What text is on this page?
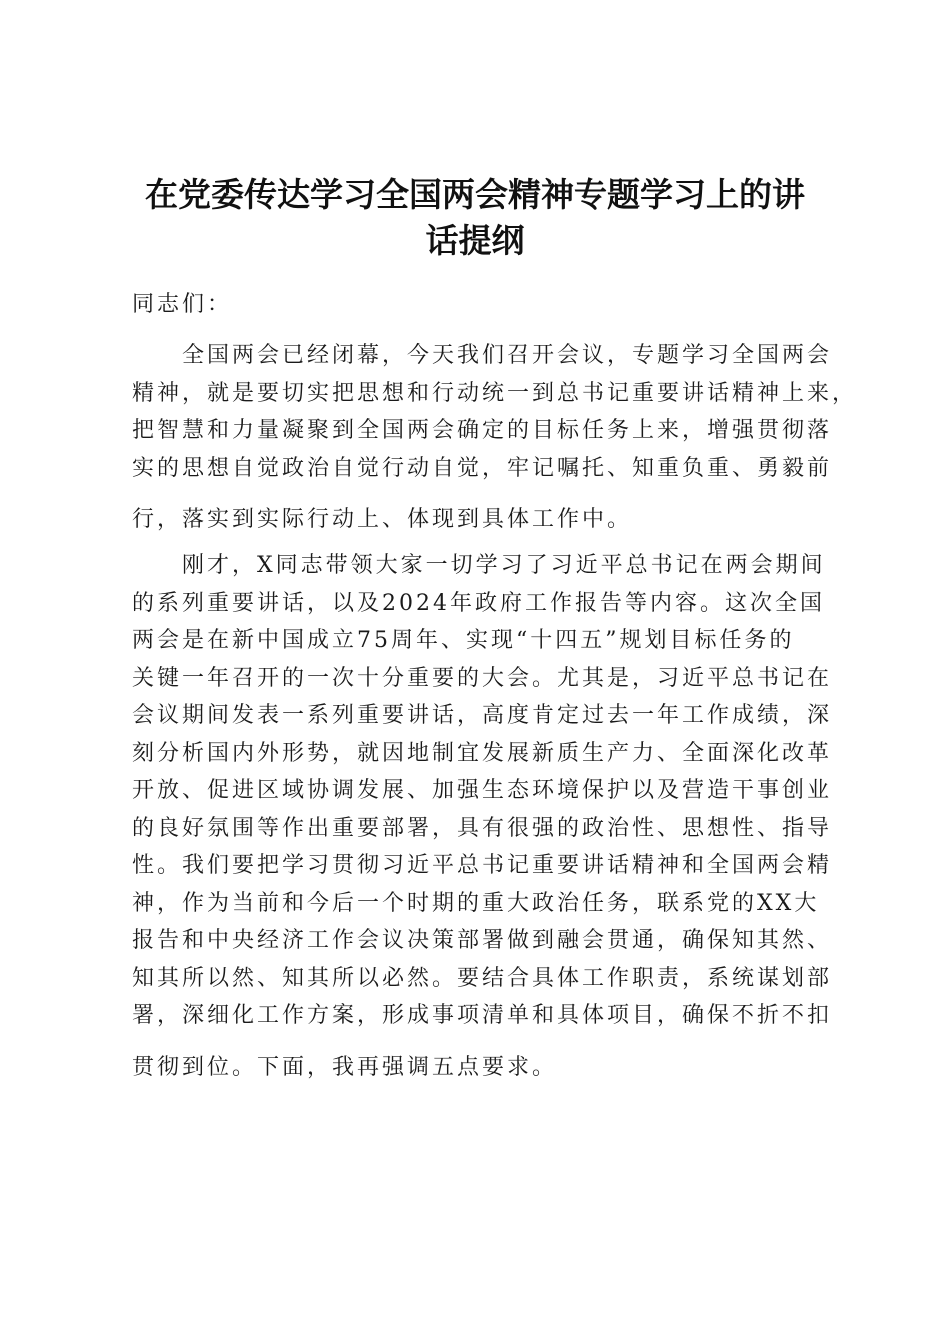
在党委传达学习全国两会精神专题学习上的讲
话提纲

同志们：

全国两会已经闭幕，今天我们召开会议，专题学习全国两会
精神，就是要切实把思想和行动统一到总书记重要讲话精神上来，
把智慧和力量凝聚到全国两会确定的目标任务上来，增强贯彻落
实的思想自觉政治自觉行动自觉，牢记嘱托、知重负重、勇毅前
行，落实到实际行动上、体现到具体工作中。
刚才，X同志带领大家一切学习了习近平总书记在两会期间
的系列重要讲话，以及2024年政府工作报告等内容。这次全国
两会是在新中国成立75周年、实现“十四五”规划目标任务的
关键一年召开的一次十分重要的大会。尤其是，习近平总书记在
会议期间发表一系列重要讲话，高度肯定过去一年工作成绩，深
刻分析国内外形势，就因地制宜发展新质生产力、全面深化改革
开放、促进区域协调发展、加强生态环境保护以及营造干事创业
的良好氛围等作出重要部署，具有很强的政治性、思想性、指导
性。我们要把学习贯彻习近平总书记重要讲话精神和全国两会精
神，作为当前和今后一个时期的重大政治任务，联系党的XX大
报告和中央经济工作会议决策部署做到融会贯通，确保知其然、
知其所以然、知其所以必然。要结合具体工作职责，系统谋划部
署，深细化工作方案，形成事项清单和具体项目，确保不折不扣
贯彻到位。下面，我再强调五点要求。
